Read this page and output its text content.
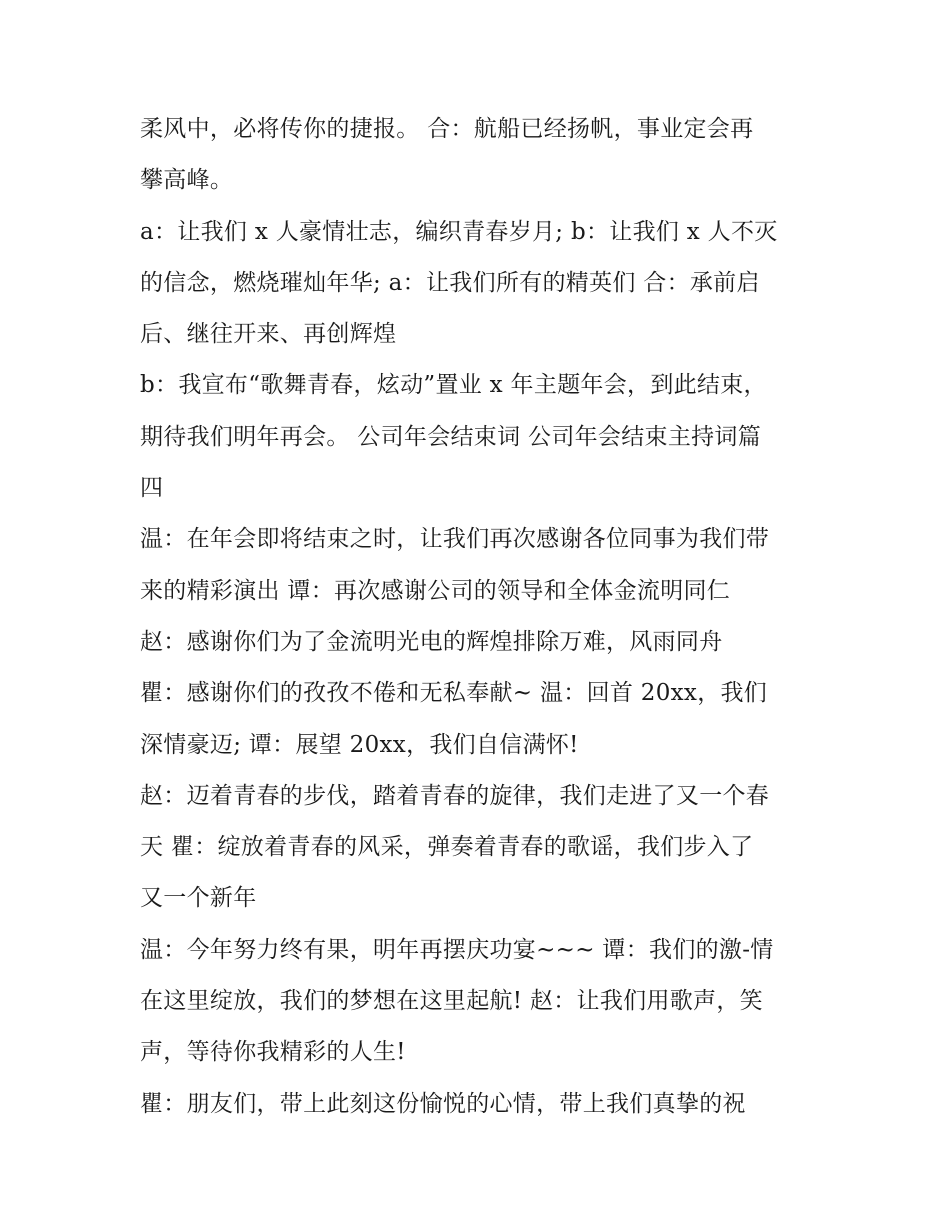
柔风中，必将传你的捷报。 合：航船已经扬帆，事业定会再
攀高峰。
a：让我们 x 人豪情壮志，编织青春岁月; b：让我们 x 人不灭
的信念，燃烧璀灿年华; a：让我们所有的精英们 合：承前启
后、继往开来、再创辉煌
b：我宣布“歌舞青春，炫动”置业 x 年主题年会，到此结束，
期待我们明年再会。 公司年会结束词 公司年会结束主持词篇
四
温：在年会即将结束之时，让我们再次感谢各位同事为我们带
来的精彩演出 谭：再次感谢公司的领导和全体金流明同仁
赵：感谢你们为了金流明光电的辉煌排除万难，风雨同舟
瞿：感谢你们的孜孜不倦和无私奉献~ 温：回首 20xx，我们
深情豪迈; 谭：展望 20xx，我们自信满怀!
赵：迈着青春的步伐，踏着青春的旋律，我们走进了又一个春
天 瞿：绽放着青春的风采，弹奏着青春的歌谣，我们步入了
又一个新年
温：今年努力终有果，明年再摆庆功宴~~~ 谭：我们的激-情
在这里绽放，我们的梦想在这里起航! 赵：让我们用歌声，笑
声，等待你我精彩的人生!
瞿：朋友们，带上此刻这份愉悦的心情，带上我们真挚的祝
